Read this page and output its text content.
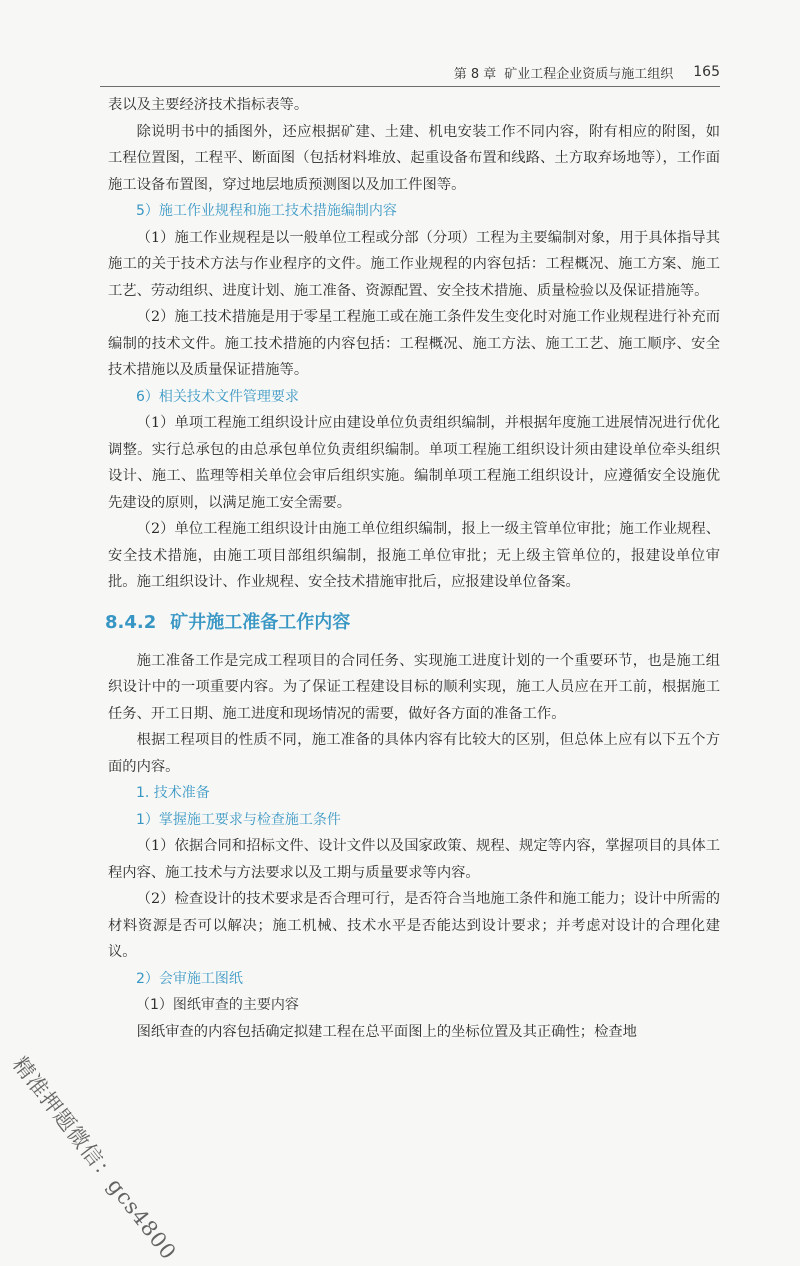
第 8 章 矿业工程企业资质与施工组织 165

表以及主要经济技术指标表等。

除说明书中的插图外，还应根据矿建、土建、机电安装工作不同内容，附有相应的附图，如工程位置图，工程平、断面图（包括材料堆放、起重设备布置和线路、土方取弃场地等），工作面施工设备布置图，穿过地层地质预测图以及加工件图等。

5）施工作业规程和施工技术措施编制内容

（1）施工作业规程是以一般单位工程或分部（分项）工程为主要编制对象，用于具体指导其施工的关于技术方法与作业程序的文件。施工作业规程的内容包括：工程概况、施工方案、施工工艺、劳动组织、进度计划、施工准备、资源配置、安全技术措施、质量检验以及保证措施等。

（2）施工技术措施是用于零星工程施工或在施工条件发生变化时对施工作业规程进行补充而编制的技术文件。施工技术措施的内容包括：工程概况、施工方法、施工工艺、施工顺序、安全技术措施以及质量保证措施等。

6）相关技术文件管理要求

（1）单项工程施工组织设计应由建设单位负责组织编制，并根据年度施工进展情况进行优化调整。实行总承包的由总承包单位负责组织编制。单项工程施工组织设计须由建设单位牵头组织设计、施工、监理等相关单位会审后组织实施。编制单项工程施工组织设计，应遵循安全设施优先建设的原则，以满足施工安全需要。

（2）单位工程施工组织设计由施工单位组织编制，报上一级主管单位审批；施工作业规程、安全技术措施，由施工项目部组织编制，报施工单位审批；无上级主管单位的，报建设单位审批。施工组织设计、作业规程、安全技术措施审批后，应报建设单位备案。

8.4.2 矿井施工准备工作内容

施工准备工作是完成工程项目的合同任务、实现施工进度计划的一个重要环节，也是施工组织设计中的一项重要内容。为了保证工程建设目标的顺利实现，施工人员应在开工前，根据施工任务、开工日期、施工进度和现场情况的需要，做好各方面的准备工作。

根据工程项目的性质不同，施工准备的具体内容有比较大的区别，但总体上应有以下五个方面的内容。

1. 技术准备

1）掌握施工要求与检查施工条件

（1）依据合同和招标文件、设计文件以及国家政策、规程、规定等内容，掌握项目的具体工程内容、施工技术与方法要求以及工期与质量要求等内容。

（2）检查设计的技术要求是否合理可行，是否符合当地施工条件和施工能力；设计中所需的材料资源是否可以解决；施工机械、技术水平是否能达到设计要求；并考虑对设计的合理化建议。

2）会审施工图纸

（1）图纸审查的主要内容

图纸审查的内容包括确定拟建工程在总平面图上的坐标位置及其正确性；检查地

精准押题微信：gcs4800
